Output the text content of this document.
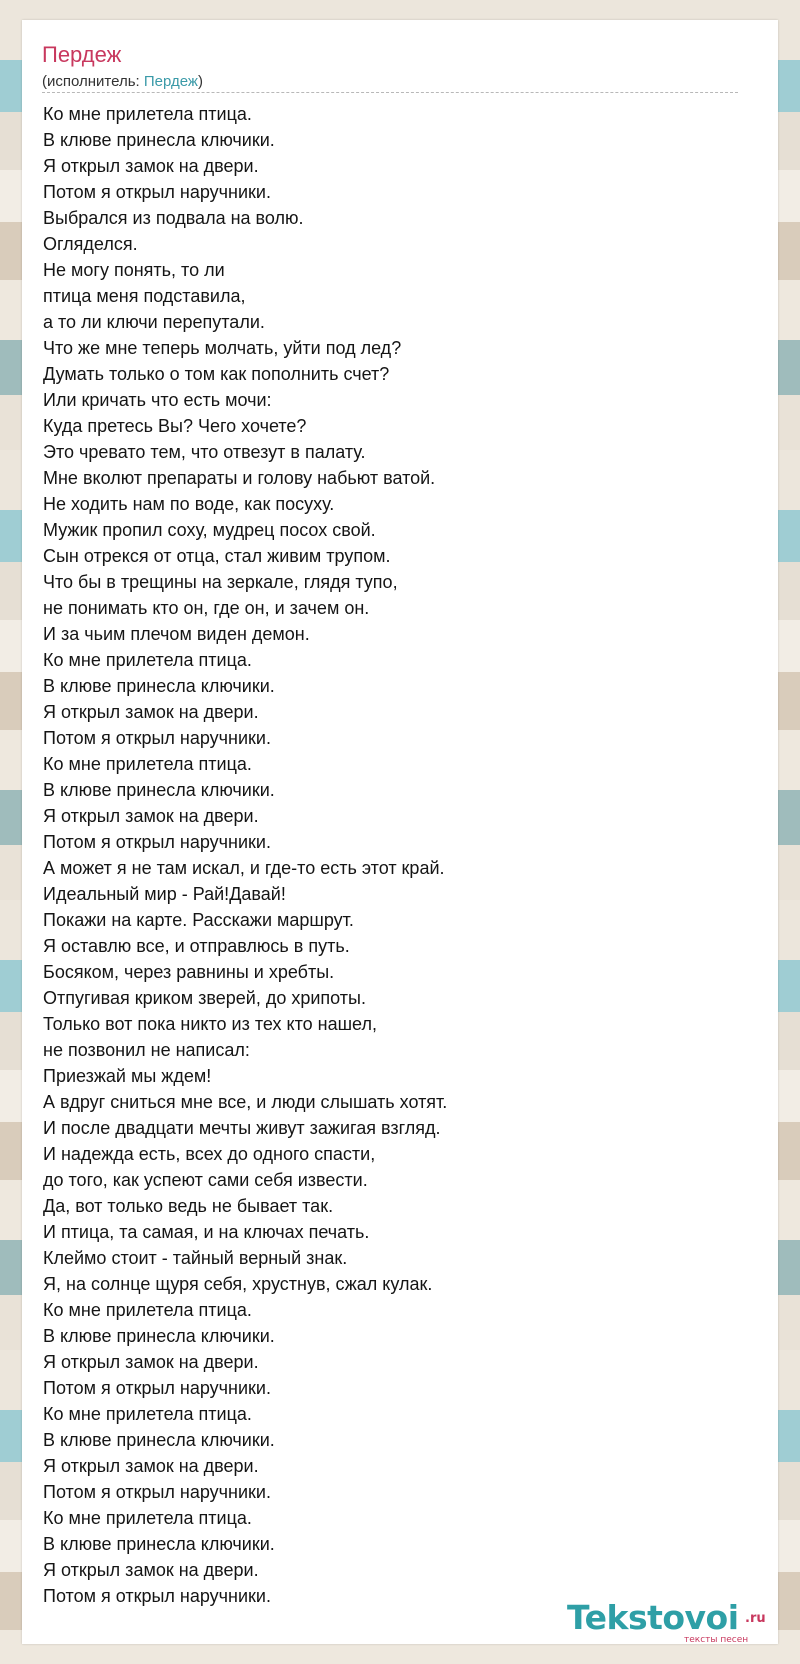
Пердеж
(исполнитель: Пердеж)
Ко мне прилетела птица.
В клюве принесла ключики.
Я открыл замок на двери.
Потом я открыл наручники.
Выбрался из подвала на волю.
Огляделся.
Не могу понять, то ли
птица меня подставила,
а то ли ключи перепутали.
Что же мне теперь молчать, уйти под лед?
Думать только о том как пополнить счет?
Или кричать что есть мочи:
Куда претесь Вы? Чего хочете?
Это чревато тем, что отвезут в палату.
Мне вколют препараты и голову набьют ватой.
Не ходить нам по воде, как посуху.
Мужик пропил соху, мудрец посох свой.
Сын отрекся от отца, стал живим трупом.
Что бы в трещины на зеркале, глядя тупо,
не понимать кто он, где он, и зачем он.
И за чьим плечом виден демон.
Ко мне прилетела птица.
В клюве принесла ключики.
Я открыл замок на двери.
Потом я открыл наручники.
Ко мне прилетела птица.
В клюве принесла ключики.
Я открыл замок на двери.
Потом я открыл наручники.
А может я не там искал, и где-то есть этот край.
Идеальный мир - Рай!Давай!
Покажи на карте. Расскажи маршрут.
Я оставлю все, и отправлюсь в путь.
Босяком, через равнины и хребты.
Отпугивая криком зверей, до хрипоты.
Только вот пока никто из тех кто нашел,
не позвонил не написал:
Приезжай мы ждем!
А вдруг сниться мне все, и люди слышать хотят.
И после двадцати мечты живут зажигая взгляд.
И надежда есть, всех до одного спасти,
до того, как успеют сами себя извести.
Да, вот только ведь не бывает так.
И птица, та самая, и на ключах печать.
Клеймо стоит - тайный верный знак.
Я, на солнце щуря себя, хрустнув, сжал кулак.
Ко мне прилетела птица.
В клюве принесла ключики.
Я открыл замок на двери.
Потом я открыл наручники.
Ко мне прилетела птица.
В клюве принесла ключики.
Я открыл замок на двери.
Потом я открыл наручники.
Ко мне прилетела птица.
В клюве принесла ключики.
Я открыл замок на двери.
Потом я открыл наручники.
Tekstovoi .ru
тексты песен
